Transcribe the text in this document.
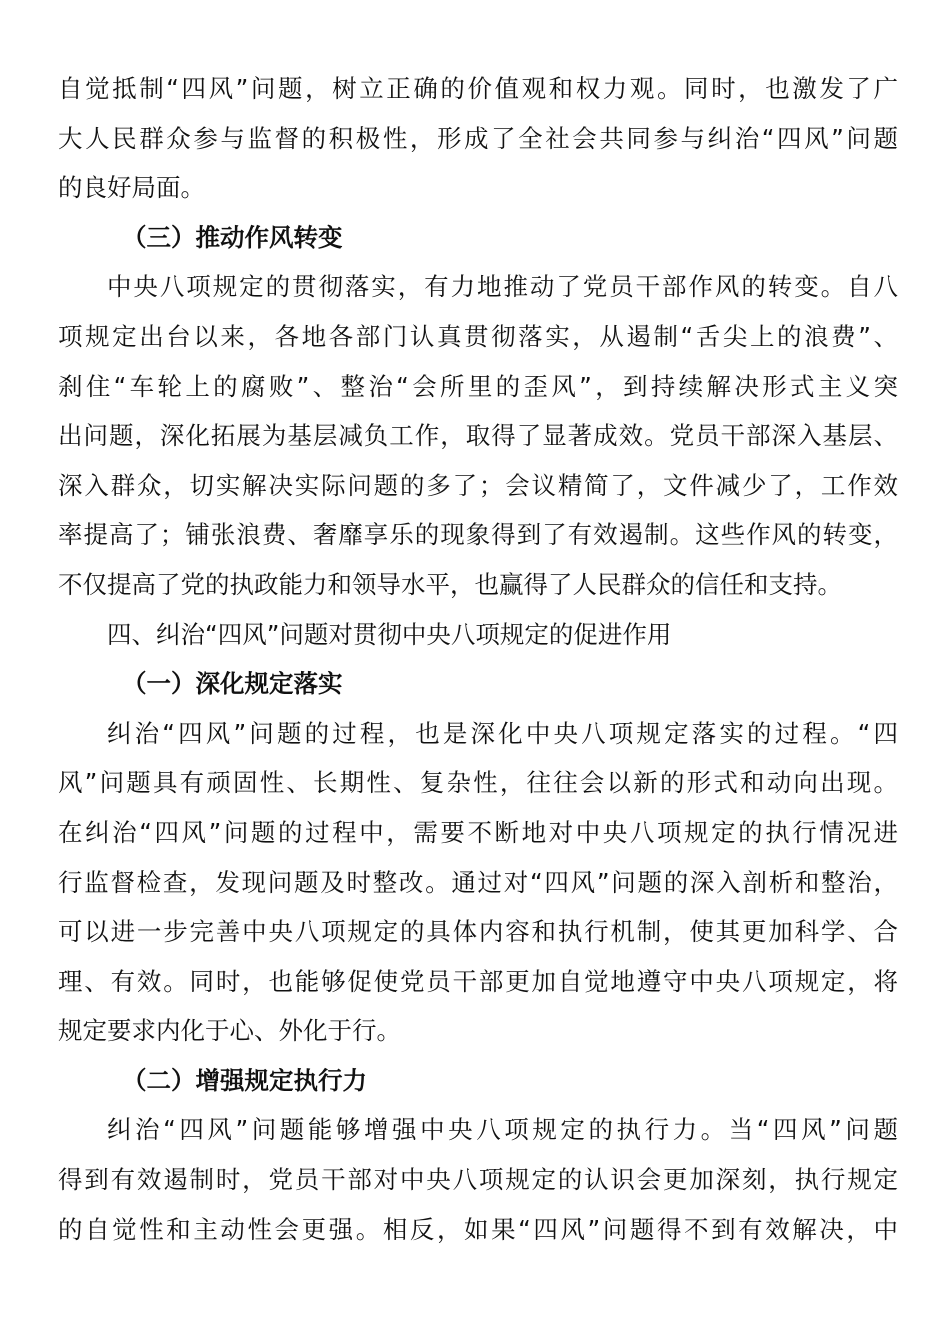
自觉抵制“四风”问题，树立正确的价值观和权力观。同时，也激发了广
大人民群众参与监督的积极性，形成了全社会共同参与纠治“四风”问题
的良好局面。
（三）推动作风转变
中央八项规定的贯彻落实，有力地推动了党员干部作风的转变。自八
项规定出台以来，各地各部门认真贯彻落实，从遏制“舌尖上的浪费”、
刹住“车轮上的腐败”、整治“会所里的歪风”，到持续解决形式主义突
出问题，深化拓展为基层减负工作，取得了显著成效。党员干部深入基层、
深入群众，切实解决实际问题的多了；会议精简了，文件减少了，工作效
率提高了；铺张浪费、奢靡享乐的现象得到了有效遏制。这些作风的转变，
不仅提高了党的执政能力和领导水平，也赢得了人民群众的信任和支持。
四、纠治“四风”问题对贯彻中央八项规定的促进作用
（一）深化规定落实
纠治“四风”问题的过程，也是深化中央八项规定落实的过程。“四
风”问题具有顽固性、长期性、复杂性，往往会以新的形式和动向出现。
在纠治“四风”问题的过程中，需要不断地对中央八项规定的执行情况进
行监督检查，发现问题及时整改。通过对“四风”问题的深入剖析和整治，
可以进一步完善中央八项规定的具体内容和执行机制，使其更加科学、合
理、有效。同时，也能够促使党员干部更加自觉地遵守中央八项规定，将
规定要求内化于心、外化于行。
（二）增强规定执行力
纠治“四风”问题能够增强中央八项规定的执行力。当“四风”问题
得到有效遏制时，党员干部对中央八项规定的认识会更加深刻，执行规定
的自觉性和主动性会更强。相反，如果“四风”问题得不到有效解决，中
